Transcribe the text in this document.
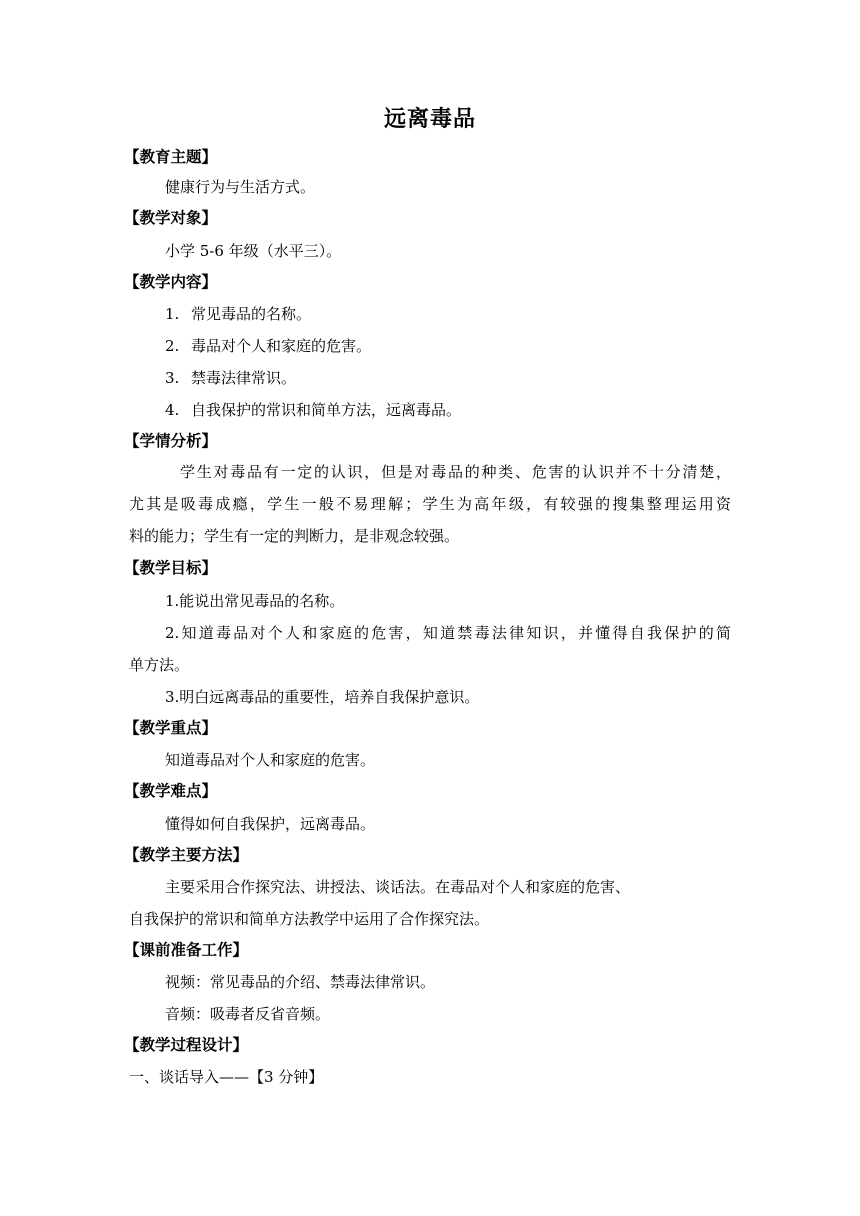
远离毒品
【教育主题】
健康行为与生活方式。
【教学对象】
小学 5-6 年级（水平三）。
【教学内容】
1. 常见毒品的名称。
2. 毒品对个人和家庭的危害。
3. 禁毒法律常识。
4. 自我保护的常识和简单方法，远离毒品。
【学情分析】
学生对毒品有一定的认识，但是对毒品的种类、危害的认识并不十分清楚，
尤其是吸毒成瘾，学生一般不易理解；学生为高年级，有较强的搜集整理运用资
料的能力；学生有一定的判断力，是非观念较强。
【教学目标】
1.能说出常见毒品的名称。
2.知道毒品对个人和家庭的危害，知道禁毒法律知识，并懂得自我保护的简
单方法。
3.明白远离毒品的重要性，培养自我保护意识。
【教学重点】
知道毒品对个人和家庭的危害。
【教学难点】
懂得如何自我保护，远离毒品。
【教学主要方法】
主要采用合作探究法、讲授法、谈话法。在毒品对个人和家庭的危害、
自我保护的常识和简单方法教学中运用了合作探究法。
【课前准备工作】
视频：常见毒品的介绍、禁毒法律常识。
音频：吸毒者反省音频。
【教学过程设计】
一、谈话导入——【3 分钟】
